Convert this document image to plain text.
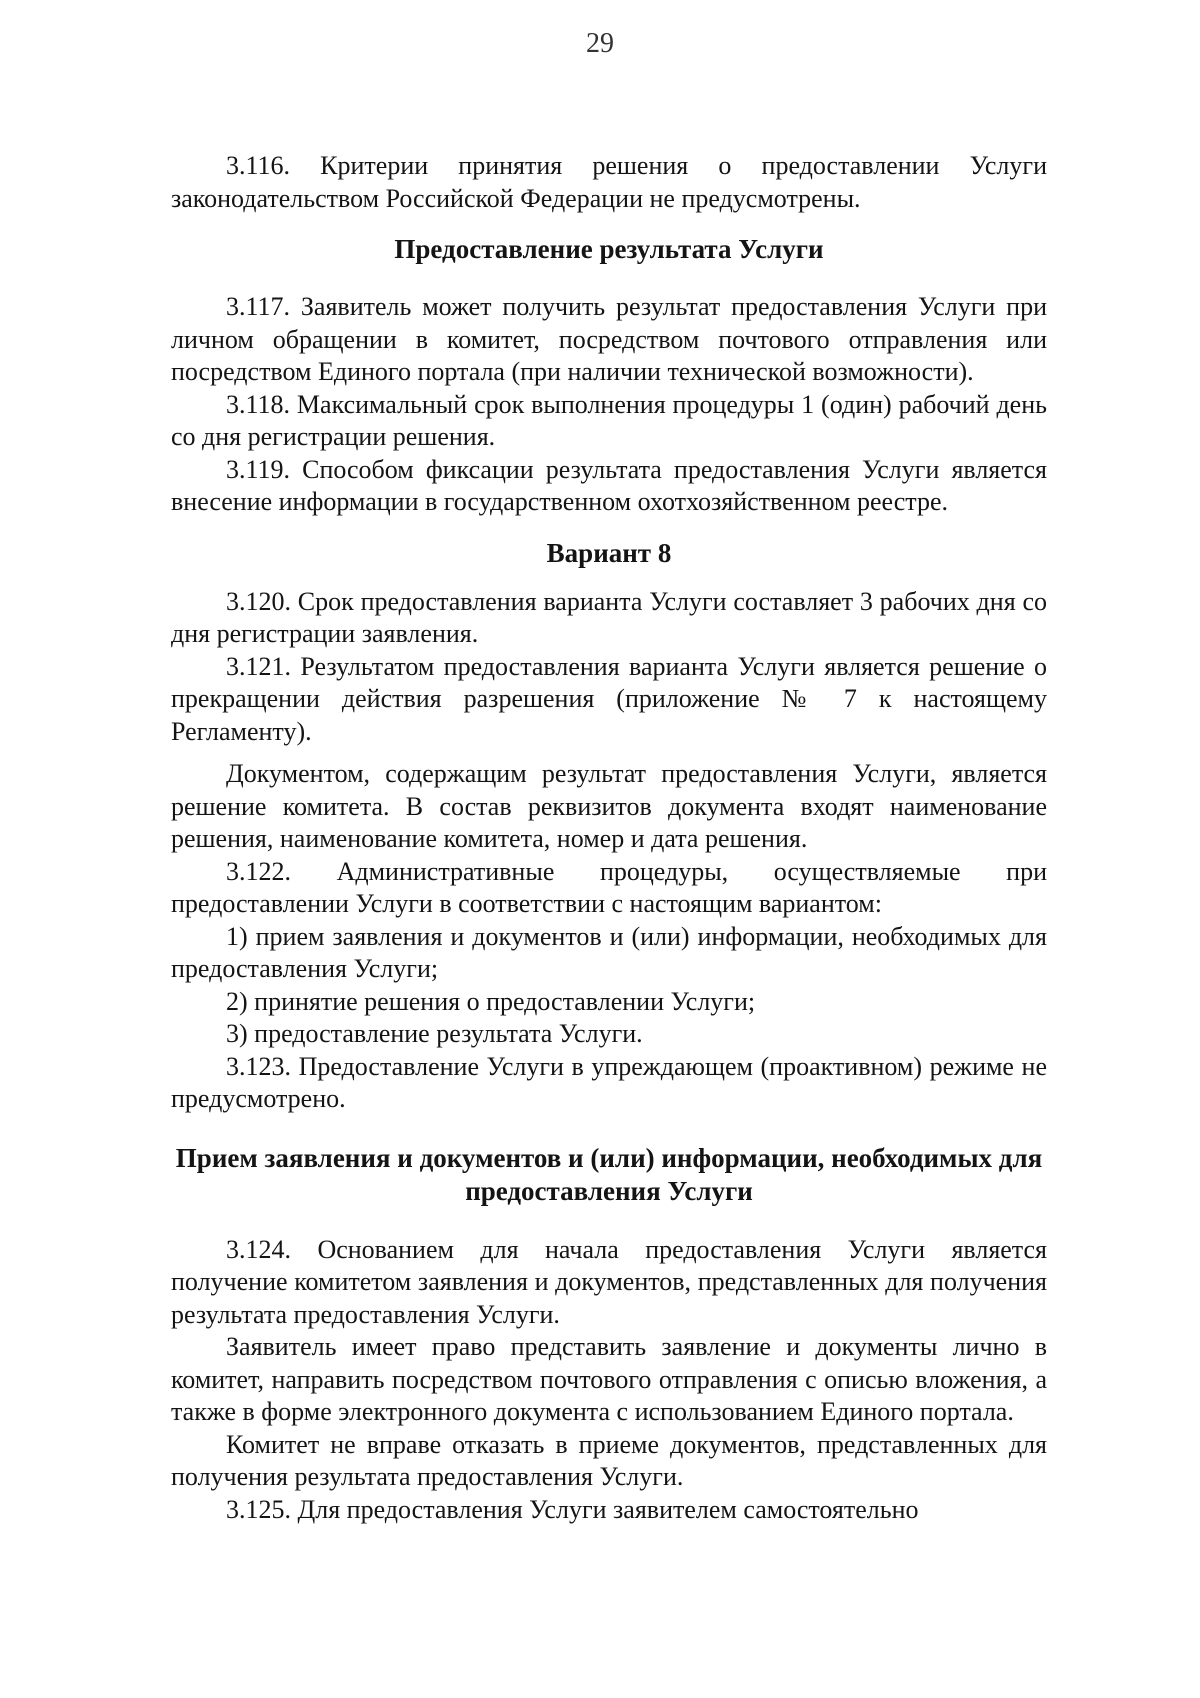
29

3.116. Критерии принятия решения о предоставлении Услуги законодательством Российской Федерации не предусмотрены.

Предоставление результата Услуги

3.117. Заявитель может получить результат предоставления Услуги при личном обращении в комитет, посредством почтового отправления или посредством Единого портала (при наличии технической возможности).

3.118. Максимальный срок выполнения процедуры 1 (один) рабочий день со дня регистрации решения.

3.119. Способом фиксации результата предоставления Услуги является внесение информации в государственном охотхозяйственном реестре.

Вариант 8

3.120. Срок предоставления варианта Услуги составляет 3 рабочих дня со дня регистрации заявления.

3.121. Результатом предоставления варианта Услуги является решение о прекращении действия разрешения (приложение № 7 к настоящему Регламенту).

Документом, содержащим результат предоставления Услуги, является решение комитета. В состав реквизитов документа входят наименование решения, наименование комитета, номер и дата решения.

3.122. Административные процедуры, осуществляемые при предоставлении Услуги в соответствии с настоящим вариантом:

1) прием заявления и документов и (или) информации, необходимых для предоставления Услуги;

2) принятие решения о предоставлении Услуги;

3) предоставление результата Услуги.

3.123. Предоставление Услуги в упреждающем (проактивном) режиме не предусмотрено.

Прием заявления и документов и (или) информации, необходимых для предоставления Услуги

3.124. Основанием для начала предоставления Услуги является получение комитетом заявления и документов, представленных для получения результата предоставления Услуги.

Заявитель имеет право представить заявление и документы лично в комитет, направить посредством почтового отправления с описью вложения, а также в форме электронного документа с использованием Единого портала.

Комитет не вправе отказать в приеме документов, представленных для получения результата предоставления Услуги.

3.125. Для предоставления Услуги заявителем самостоятельно
